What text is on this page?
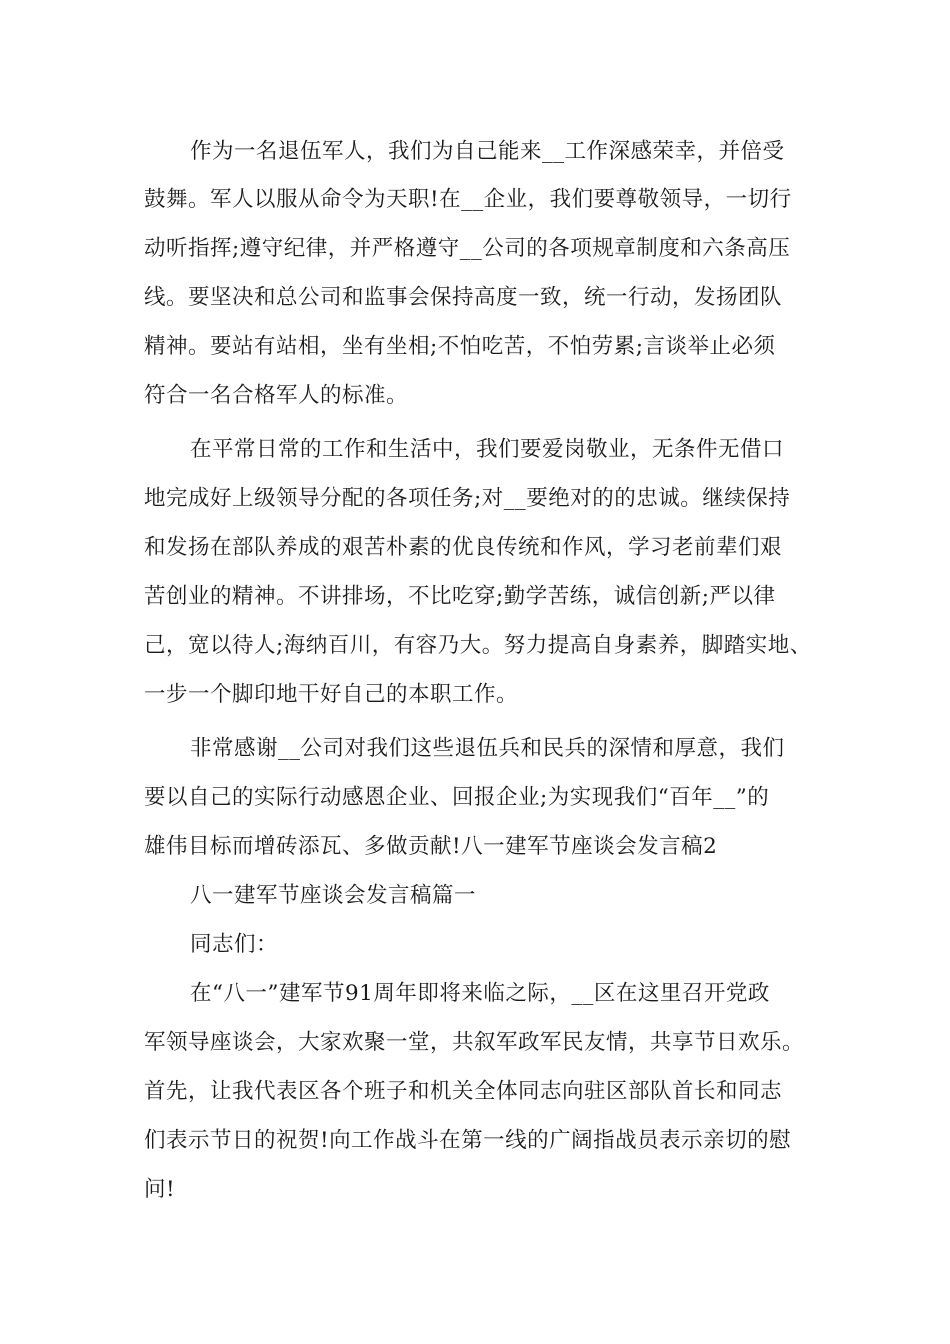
作为一名退伍军人，我们为自己能来__工作深感荣幸，并倍受
鼓舞。军人以服从命令为天职!在__企业，我们要尊敬领导，一切行
动听指挥;遵守纪律，并严格遵守__公司的各项规章制度和六条高压
线。要坚决和总公司和监事会保持高度一致，统一行动，发扬团队
精神。要站有站相，坐有坐相;不怕吃苦，不怕劳累;言谈举止必须
符合一名合格军人的标准。
在平常日常的工作和生活中，我们要爱岗敬业，无条件无借口
地完成好上级领导分配的各项任务;对__要绝对的的忠诚。继续保持
和发扬在部队养成的艰苦朴素的优良传统和作风，学习老前辈们艰
苦创业的精神。不讲排场，不比吃穿;勤学苦练，诚信创新;严以律
己，宽以待人;海纳百川，有容乃大。努力提高自身素养，脚踏实地、
一步一个脚印地干好自己的本职工作。
非常感谢__公司对我们这些退伍兵和民兵的深情和厚意，我们
要以自己的实际行动感恩企业、回报企业;为实现我们“百年__”的
雄伟目标而增砖添瓦、多做贡献!八一建军节座谈会发言稿2
八一建军节座谈会发言稿篇一
同志们：
在“八一”建军节91周年即将来临之际，__区在这里召开党政
军领导座谈会，大家欢聚一堂，共叙军政军民友情，共享节日欢乐。
首先，让我代表区各个班子和机关全体同志向驻区部队首长和同志
们表示节日的祝贺!向工作战斗在第一线的广阔指战员表示亲切的慰
问!
